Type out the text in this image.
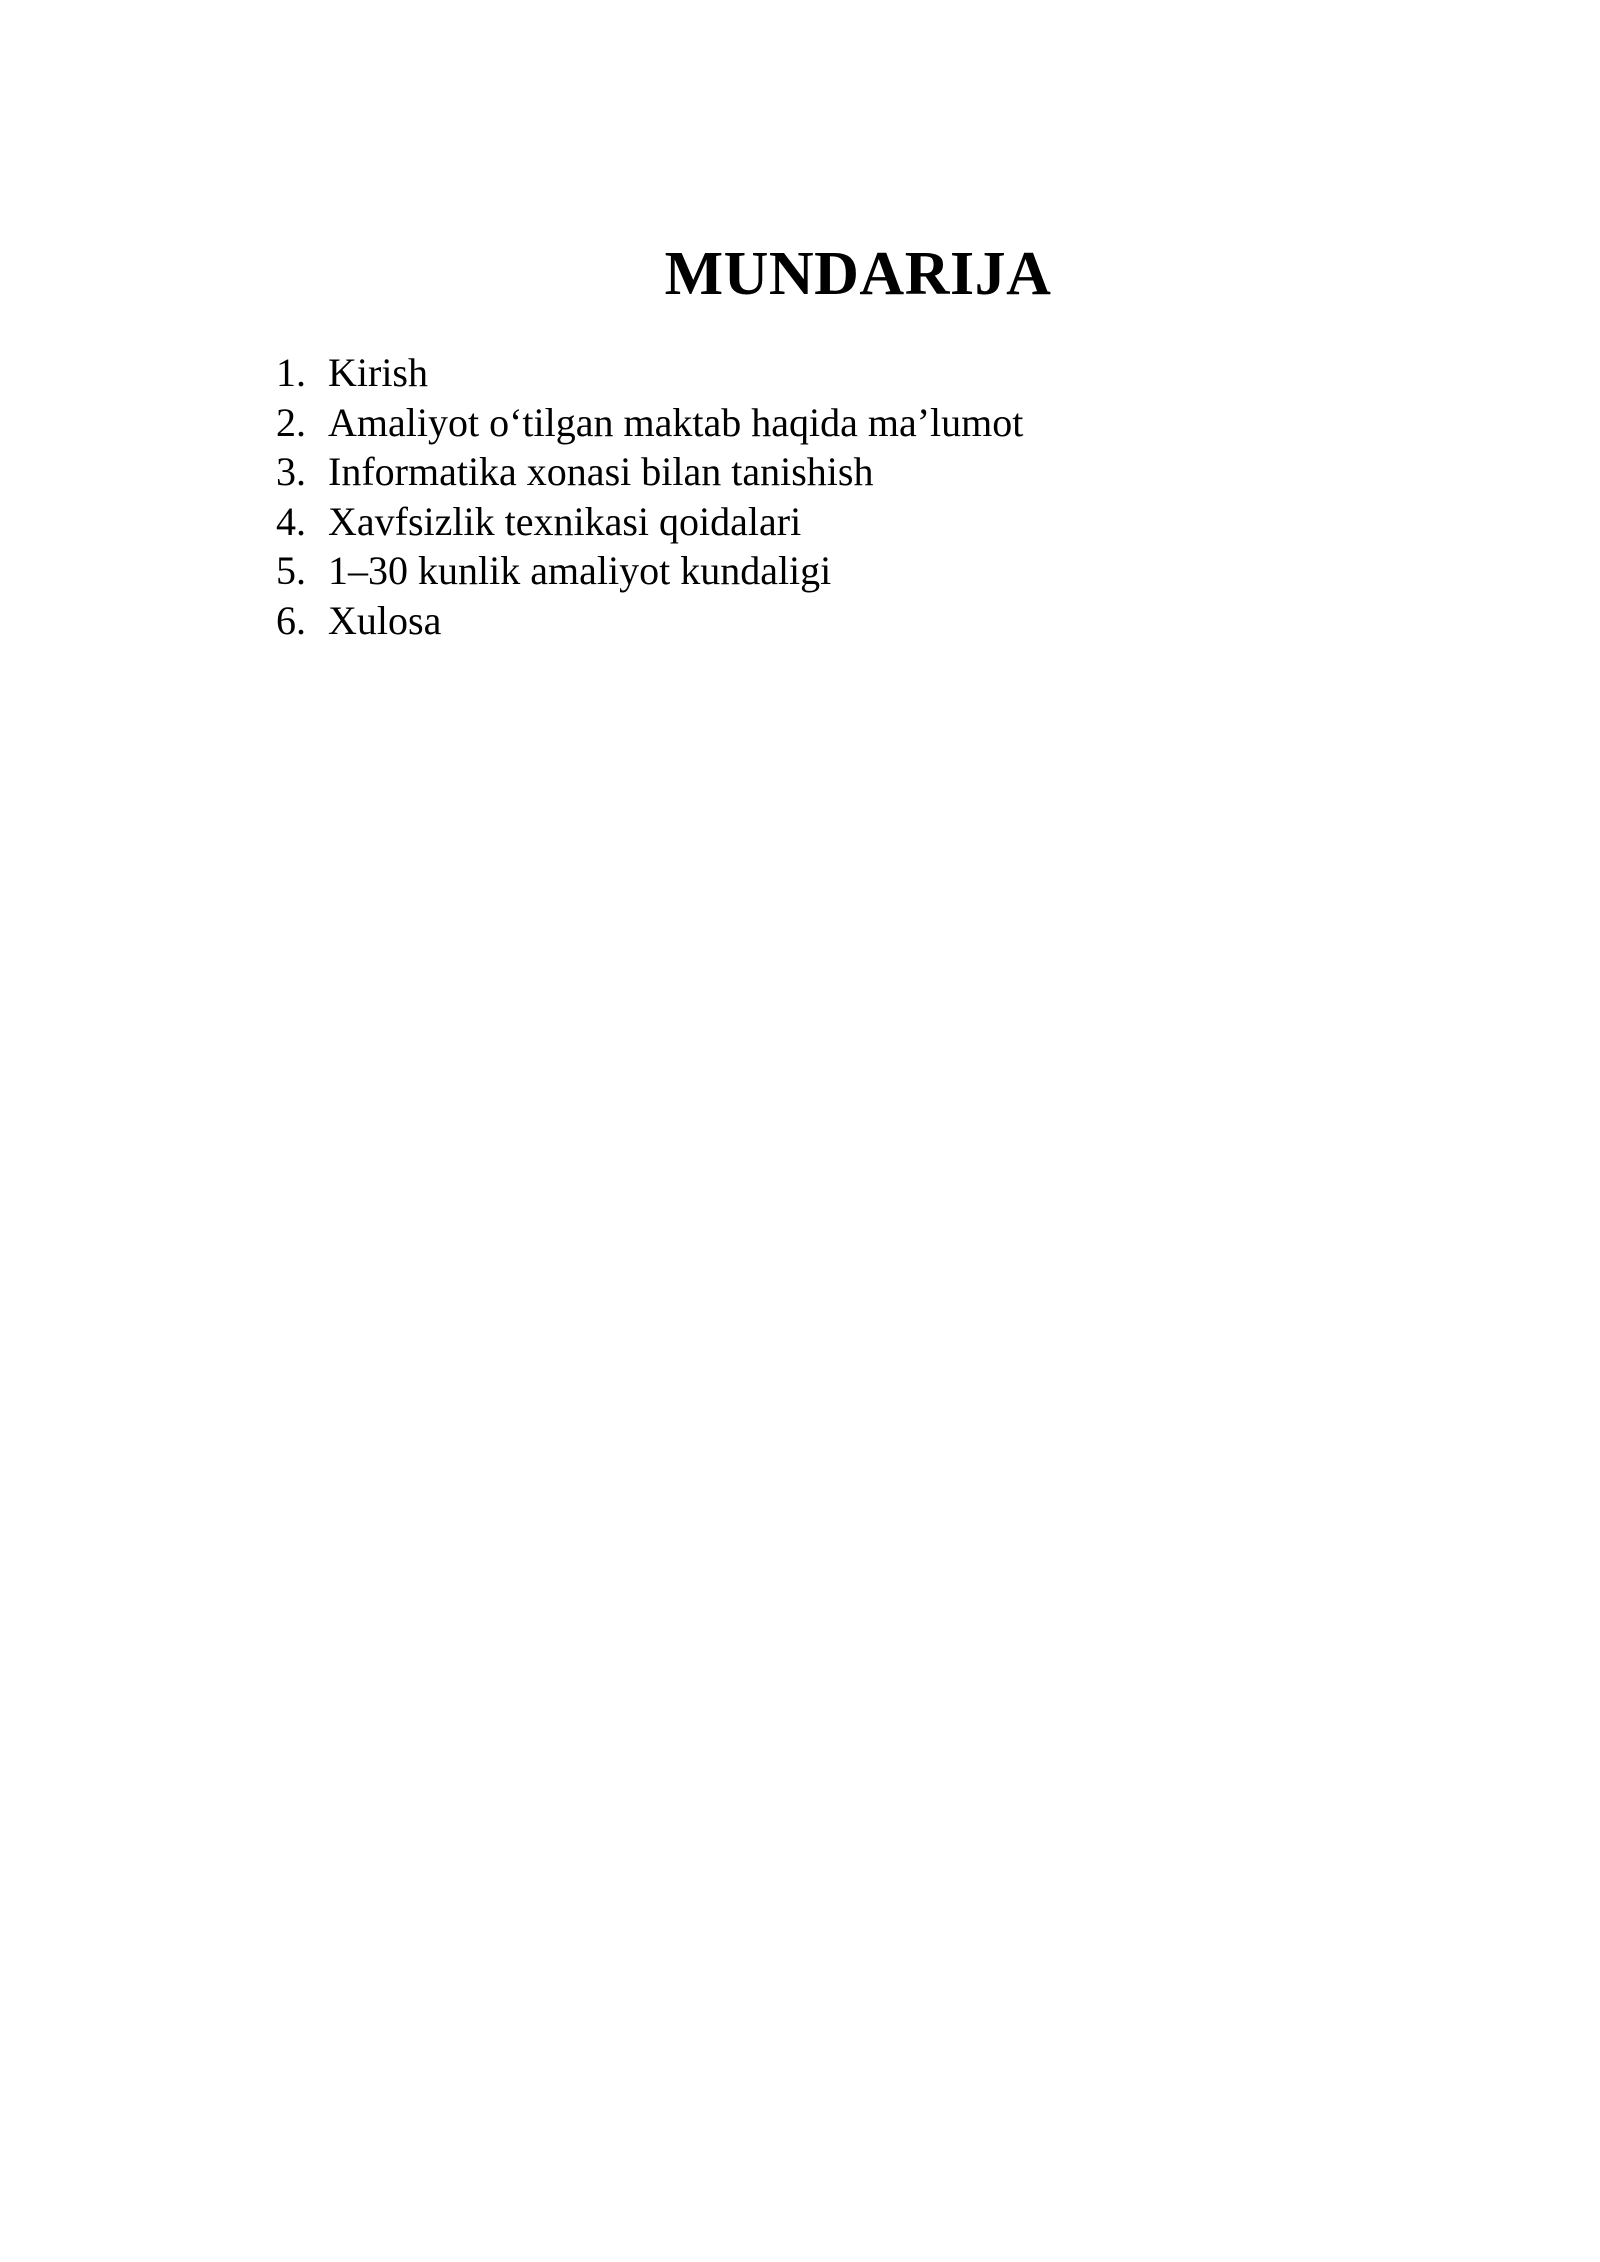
MUNDARIJA
1. Kirish
2. Amaliyot o‘tilgan maktab haqida ma’lumot
3. Informatika xonasi bilan tanishish
4. Xavfsizlik texnikasi qoidalari
5. 1–30 kunlik amaliyot kundaligi
6. Xulosa
